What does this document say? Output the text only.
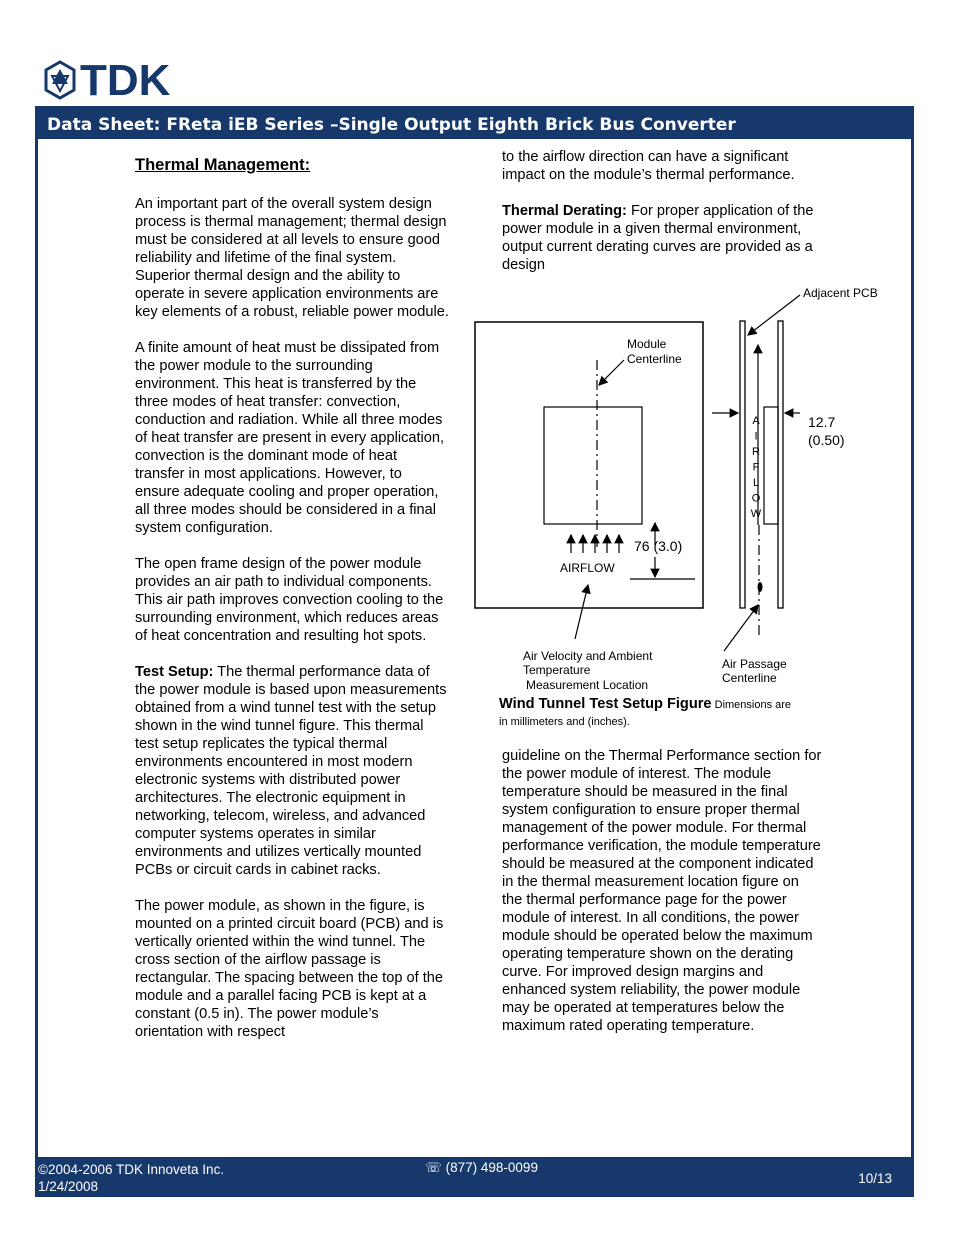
TDK
Data Sheet: FReta iEB Series –Single Output Eighth Brick Bus Converter
Thermal Management:

An important part of the overall system design process is thermal management; thermal design must be considered at all levels to ensure good reliability and lifetime of the final system. Superior thermal design and the ability to operate in severe application environments are key elements of a robust, reliable power module.

A finite amount of heat must be dissipated from the power module to the surrounding environment. This heat is transferred by the three modes of heat transfer: convection, conduction and radiation. While all three modes of heat transfer are present in every application, convection is the dominant mode of heat transfer in most applications. However, to ensure adequate cooling and proper operation, all three modes should be considered in a final system configuration.

The open frame design of the power module provides an air path to individual components. This air path improves convection cooling to the surrounding environment, which reduces areas of heat concentration and resulting hot spots.

Test Setup: The thermal performance data of the power module is based upon measurements obtained from a wind tunnel test with the setup shown in the wind tunnel figure. This thermal test setup replicates the typical thermal environments encountered in most modern electronic systems with distributed power architectures. The electronic equipment in networking, telecom, wireless, and advanced computer systems operates in similar environments and utilizes vertically mounted PCBs or circuit cards in cabinet racks.

The power module, as shown in the figure, is mounted on a printed circuit board (PCB) and is vertically oriented within the wind tunnel. The cross section of the airflow passage is rectangular. The spacing between the top of the module and a parallel facing PCB is kept at a constant (0.5 in). The power module’s orientation with respect

to the airflow direction can have a significant impact on the module’s thermal performance.

Thermal Derating: For proper application of the power module in a given thermal environment, output current derating curves are provided as a design

Adjacent PCB
Module
Centerline
76 (3.0)
AIRFLOW
Air Velocity and Ambient
Temperature
Measurement Location
A
I
R
F
L
O
W
12.7
(0.50)
Air Passage
Centerline
Wind Tunnel Test Setup Figure Dimensions are
in millimeters and (inches).

guideline on the Thermal Performance section for the power module of interest. The module temperature should be measured in the final system configuration to ensure proper thermal management of the power module. For thermal performance verification, the module temperature should be measured at the component indicated in the thermal measurement location figure on the thermal performance page for the power module of interest. In all conditions, the power module should be operated below the maximum operating temperature shown on the derating curve. For improved design margins and enhanced system reliability, the power module may be operated at temperatures below the maximum rated operating temperature.

©2004-2006 TDK Innoveta Inc.
1/24/2008
☏ (877) 498-0099
10/13
